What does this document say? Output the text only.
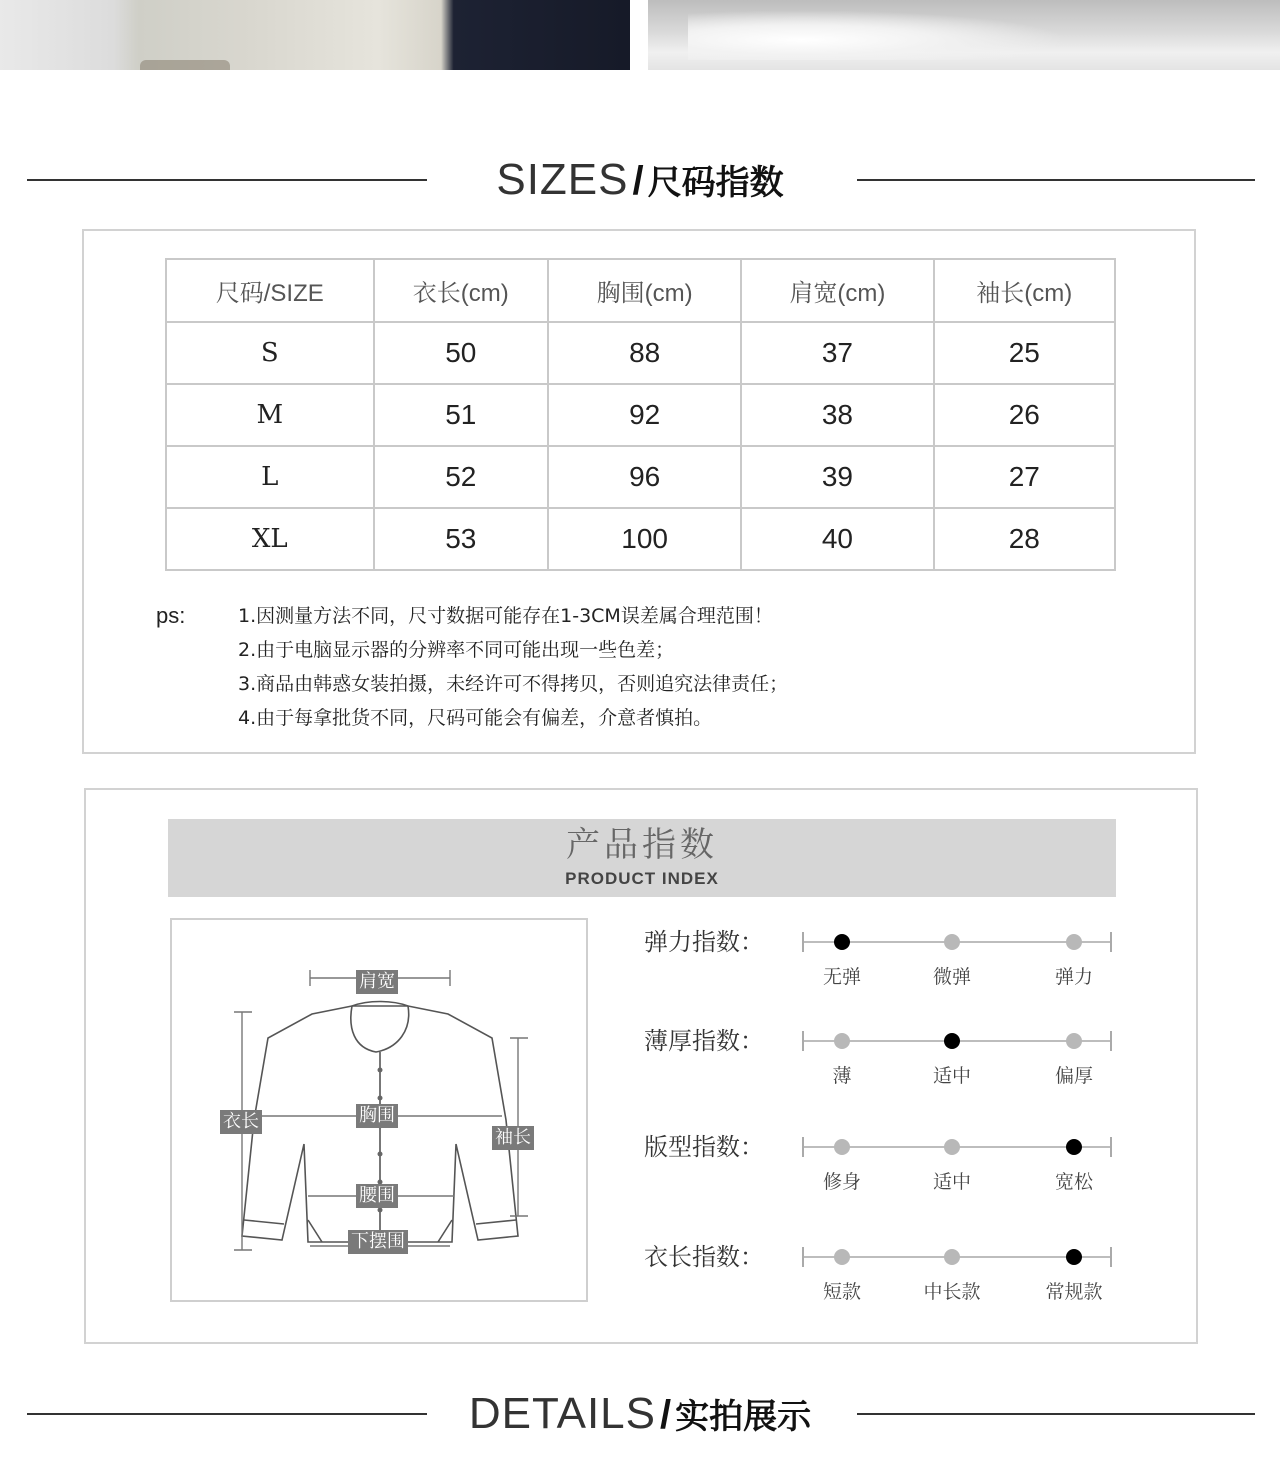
SIZES / 尺码指数
尺码/SIZE	衣长(cm)	胸围(cm)	肩宽(cm)	袖长(cm)
S	50	88	37	25
M	51	92	38	26
L	52	96	39	27
XL	53	100	40	28
ps:	1.因测量方法不同，尺寸数据可能存在1-3CM误差属合理范围！
2.由于电脑显示器的分辨率不同可能出现一些色差；
3.商品由韩惑女装拍摄，未经许可不得拷贝，否则追究法律责任；
4.由于每拿批货不同，尺码可能会有偏差，介意者慎拍。
产品指数
PRODUCT INDEX
肩宽
衣长	胸围
袖长
腰围
下摆围
弹力指数：
无弹	微弹	弹力
薄厚指数：
薄	适中	偏厚
版型指数：
修身	适中	宽松
衣长指数：
短款	中长款	常规款
DETAILS / 实拍展示
